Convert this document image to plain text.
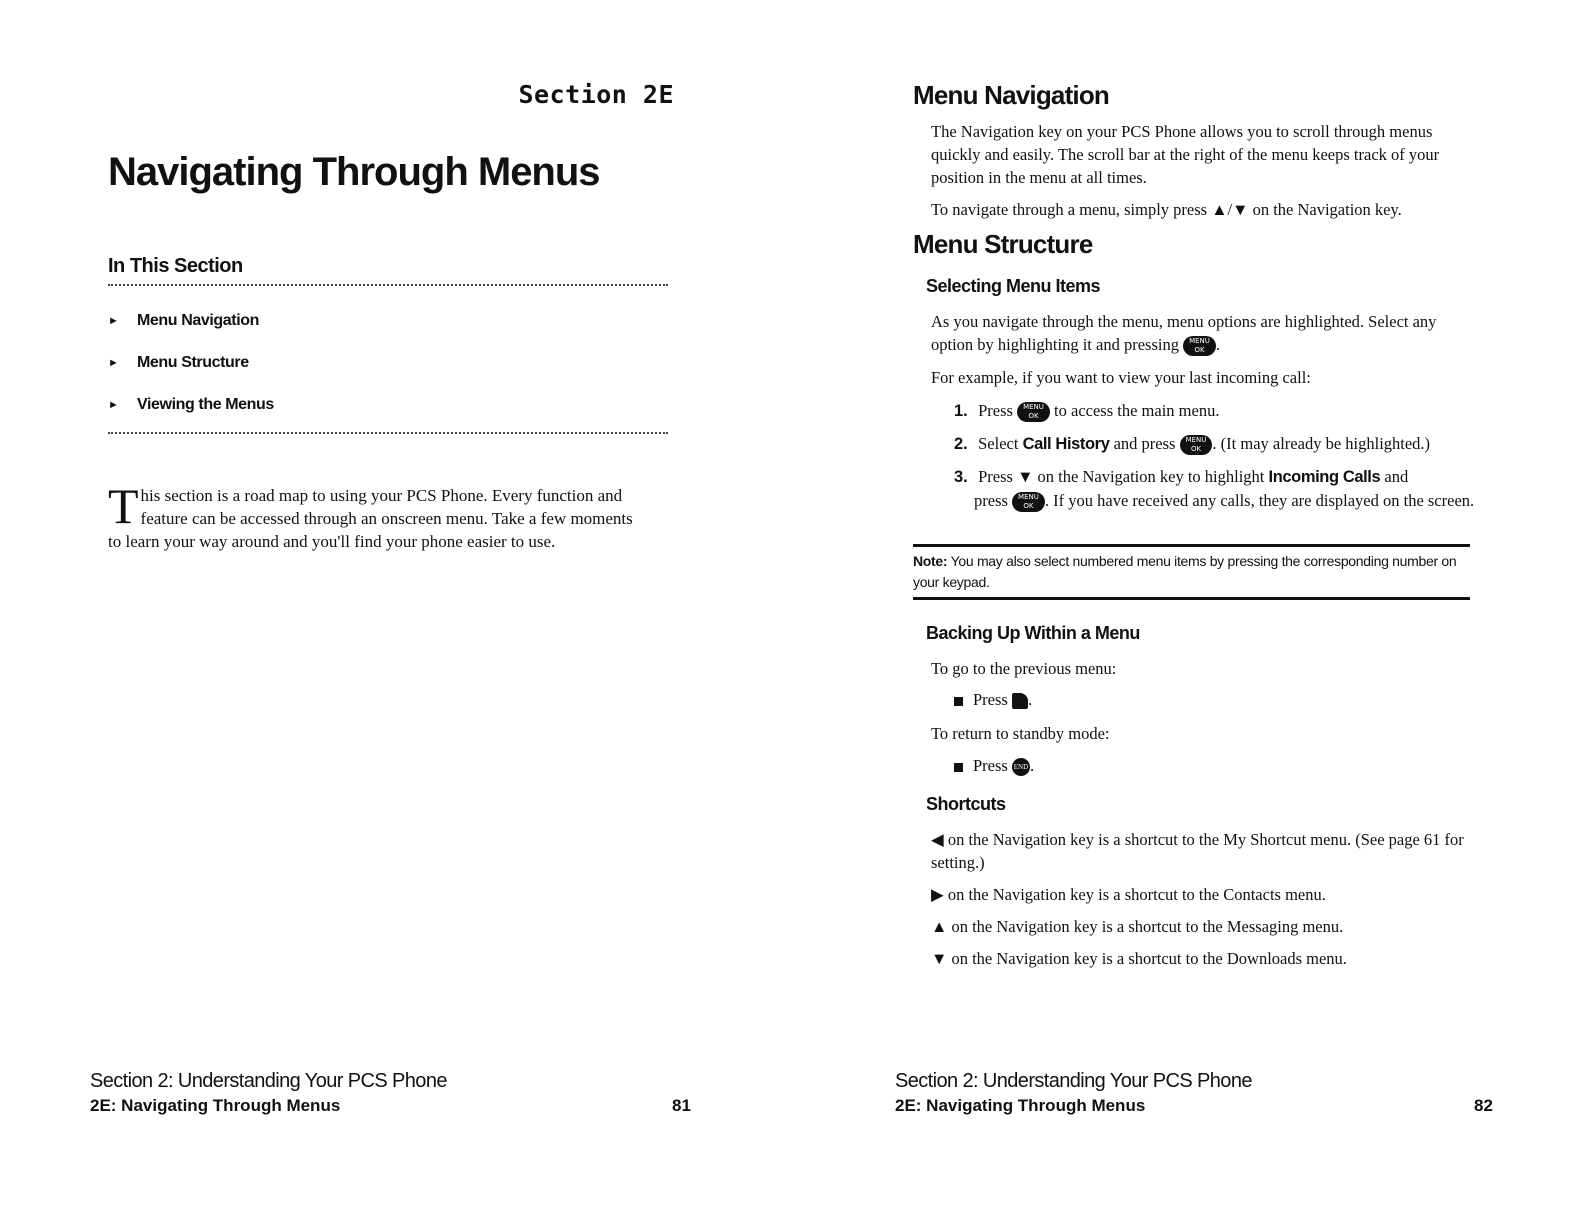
Section 2E
Navigating Through Menus
In This Section
►	Menu Navigation
►	Menu Structure
►	Viewing the Menus
This section is a road map to using your PCS Phone. Every function and feature can be accessed through an onscreen menu. Take a few moments to learn your way around and you'll find your phone easier to use.
Section 2: Understanding Your PCS Phone
2E: Navigating Through Menus	81
Menu Navigation

The Navigation key on your PCS Phone allows you to scroll through menus quickly and easily. The scroll bar at the right of the menu keeps track of your position in the menu at all times.

To navigate through a menu, simply press ▲/▼ on the Navigation key.

Menu Structure
Selecting Menu Items

As you navigate through the menu, menu options are highlighted. Select any option by highlighting it and pressing MENU
OK .

For example, if you want to view your last incoming call:

1. Press MENU
OK to access the main menu.
2. Select Call History and press MENU
OK . (It may already be highlighted.)
3. Press ▼ on the Navigation key to highlight Incoming Calls and
press MENU
OK . If you have received any calls, they are displayed on the screen.
Note: You may also select numbered menu items by pressing the corresponding number on your keypad.
Backing Up Within a Menu

To go to the previous menu:

Press .

To return to standby mode:

Press END .
Shortcuts

◀ on the Navigation key is a shortcut to the My Shortcut menu. (See page 61 for setting.)

▶ on the Navigation key is a shortcut to the Contacts menu.

▲ on the Navigation key is a shortcut to the Messaging menu.

▼ on the Navigation key is a shortcut to the Downloads menu.

Section 2: Understanding Your PCS Phone
2E: Navigating Through Menus	82
